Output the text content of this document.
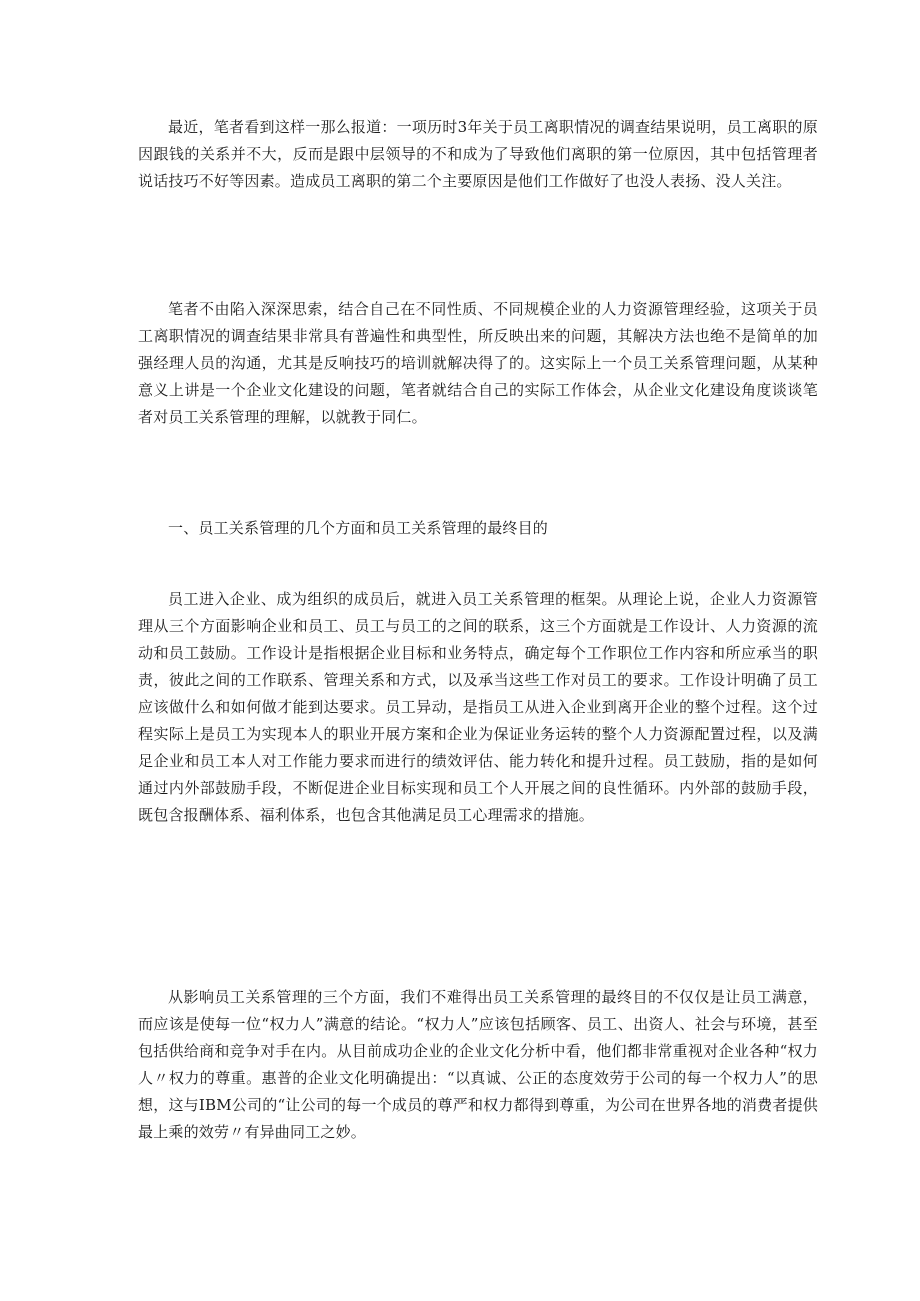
最近，笔者看到这样一那么报道：一项历时3年关于员工离职情况的调查结果说明，员工离职的原因跟钱的关系并不大，反而是跟中层领导的不和成为了导致他们离职的第一位原因，其中包括管理者说话技巧不好等因素。造成员工离职的第二个主要原因是他们工作做好了也没人表扬、没人关注。

笔者不由陷入深深思索，结合自己在不同性质、不同规模企业的人力资源管理经验，这项关于员工离职情况的调查结果非常具有普遍性和典型性，所反映出来的问题，其解决方法也绝不是简单的加强经理人员的沟通，尤其是反响技巧的培训就解决得了的。这实际上一个员工关系管理问题，从某种意义上讲是一个企业文化建设的问题，笔者就结合自己的实际工作体会，从企业文化建设角度谈谈笔者对员工关系管理的理解，以就教于同仁。

一、员工关系管理的几个方面和员工关系管理的最终目的

员工进入企业、成为组织的成员后，就进入员工关系管理的框架。从理论上说，企业人力资源管理从三个方面影响企业和员工、员工与员工的之间的联系，这三个方面就是工作设计、人力资源的流动和员工鼓励。工作设计是指根据企业目标和业务特点，确定每个工作职位工作内容和所应承当的职责，彼此之间的工作联系、管理关系和方式，以及承当这些工作对员工的要求。工作设计明确了员工应该做什么和如何做才能到达要求。员工异动，是指员工从进入企业到离开企业的整个过程。这个过程实际上是员工为实现本人的职业开展方案和企业为保证业务运转的整个人力资源配置过程，以及满足企业和员工本人对工作能力要求而进行的绩效评估、能力转化和提升过程。员工鼓励，指的是如何通过内外部鼓励手段，不断促进企业目标实现和员工个人开展之间的良性循环。内外部的鼓励手段，既包含报酬体系、福利体系，也包含其他满足员工心理需求的措施。

从影响员工关系管理的三个方面，我们不难得出员工关系管理的最终目的不仅仅是让员工满意，而应该是使每一位“权力人”满意的结论。“权力人”应该包括顾客、员工、出资人、社会与环境，甚至包括供给商和竞争对手在内。从目前成功企业的企业文化分析中看，他们都非常重视对企业各种“权力人〃权力的尊重。惠普的企业文化明确提出：“以真诚、公正的态度效劳于公司的每一个权力人”的思想，这与IBM公司的“让公司的每一个成员的尊严和权力都得到尊重，为公司在世界各地的消费者提供最上乘的效劳〃有异曲同工之妙。
